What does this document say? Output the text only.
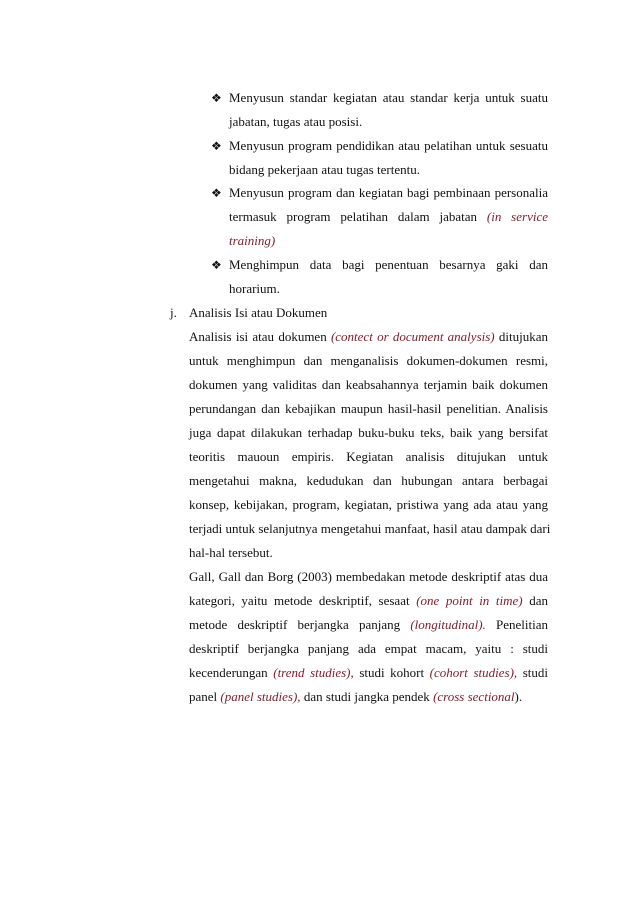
❖ Menyusun standar kegiatan atau standar kerja untuk suatu
jabatan, tugas atau posisi.
❖ Menyusun program pendidikan atau pelatihan untuk sesuatu
bidang pekerjaan atau tugas tertentu.
❖ Menyusun program dan kegiatan bagi pembinaan personalia
termasuk program pelatihan dalam jabatan (in service
training)
❖ Menghimpun data bagi penentuan besarnya gaki dan
horarium.
j. Analisis Isi atau Dokumen
Analisis isi atau dokumen (contect or document analysis) ditujukan
untuk menghimpun dan menganalisis dokumen-dokumen resmi,
dokumen yang validitas dan keabsahannya terjamin baik dokumen
perundangan dan kebajikan maupun hasil-hasil penelitian. Analisis
juga dapat dilakukan terhadap buku-buku teks, baik yang bersifat
teoritis mauoun empiris. Kegiatan analisis ditujukan untuk
mengetahui makna, kedudukan dan hubungan antara berbagai
konsep, kebijakan, program, kegiatan, pristiwa yang ada atau yang
terjadi untuk selanjutnya mengetahui manfaat, hasil atau dampak dari
hal-hal tersebut.
Gall, Gall dan Borg (2003) membedakan metode deskriptif atas dua
kategori, yaitu metode deskriptif, sesaat (one point in time) dan
metode deskriptif berjangka panjang (longitudinal). Penelitian
deskriptif berjangka panjang ada empat macam, yaitu : studi
kecenderungan (trend studies), studi kohort (cohort studies), studi
panel (panel studies), dan studi jangka pendek (cross sectional).
